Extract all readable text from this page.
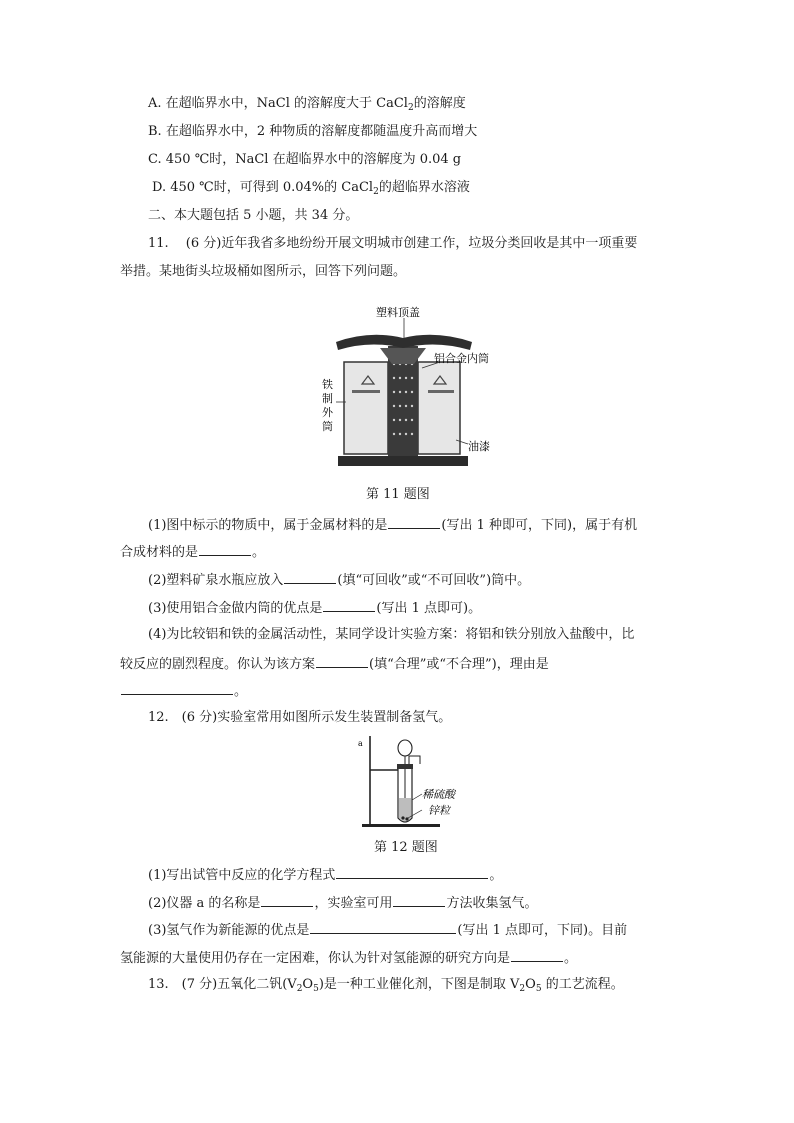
A. 在超临界水中，NaCl 的溶解度大于 CaCl$_2$的溶解度
B. 在超临界水中，2 种物质的溶解度都随温度升高而增大
C. 450 ℃时，NaCl 在超临界水中的溶解度为 0.04 g
D. 450 ℃时，可得到 0.04%的 CaCl$_2$的超临界水溶液
二、本大题包括 5 小题，共 34 分。
11.　 (6 分)近年我省多地纷纷开展文明城市创建工作，垃圾分类回收是其中一项重要
举措。某地街头垃圾桶如图所示，回答下列问题。
塑料顶盖
铝合金内筒
铁
制
外
筒
油漆
第 11 题图
(1)图中标示的物质中，属于金属材料的是	(写出 1 种即可，下同)，属于有机
合成材料的是	。
(2)塑料矿泉水瓶应放入	(填“可回收”或“不可回收”)筒中。
(3)使用铝合金做内筒的优点是	(写出 1 点即可)。
(4)为比较铝和铁的金属活动性，某同学设计实验方案：将铝和铁分别放入盐酸中，比
较反应的剧烈程度。你认为该方案	(填“合理”或“不合理”)，理由是
。
12.　(6 分)实验室常用如图所示发生装置制备氢气。
a
稀硫酸
锌粒
第 12 题图
(1)写出试管中反应的化学方程式	。
(2)仪器 a 的名称是	，实验室可用	方法收集氢气。
(3)氢气作为新能源的优点是	(写出 1 点即可，下同)。目前
氢能源的大量使用仍存在一定困难，你认为针对氢能源的研究方向是	。
13.　(7 分)五氧化二钒$(V_2O_5)$是一种工业催化剂，下图是制取 $V_2O_5$ 的工艺流程。
